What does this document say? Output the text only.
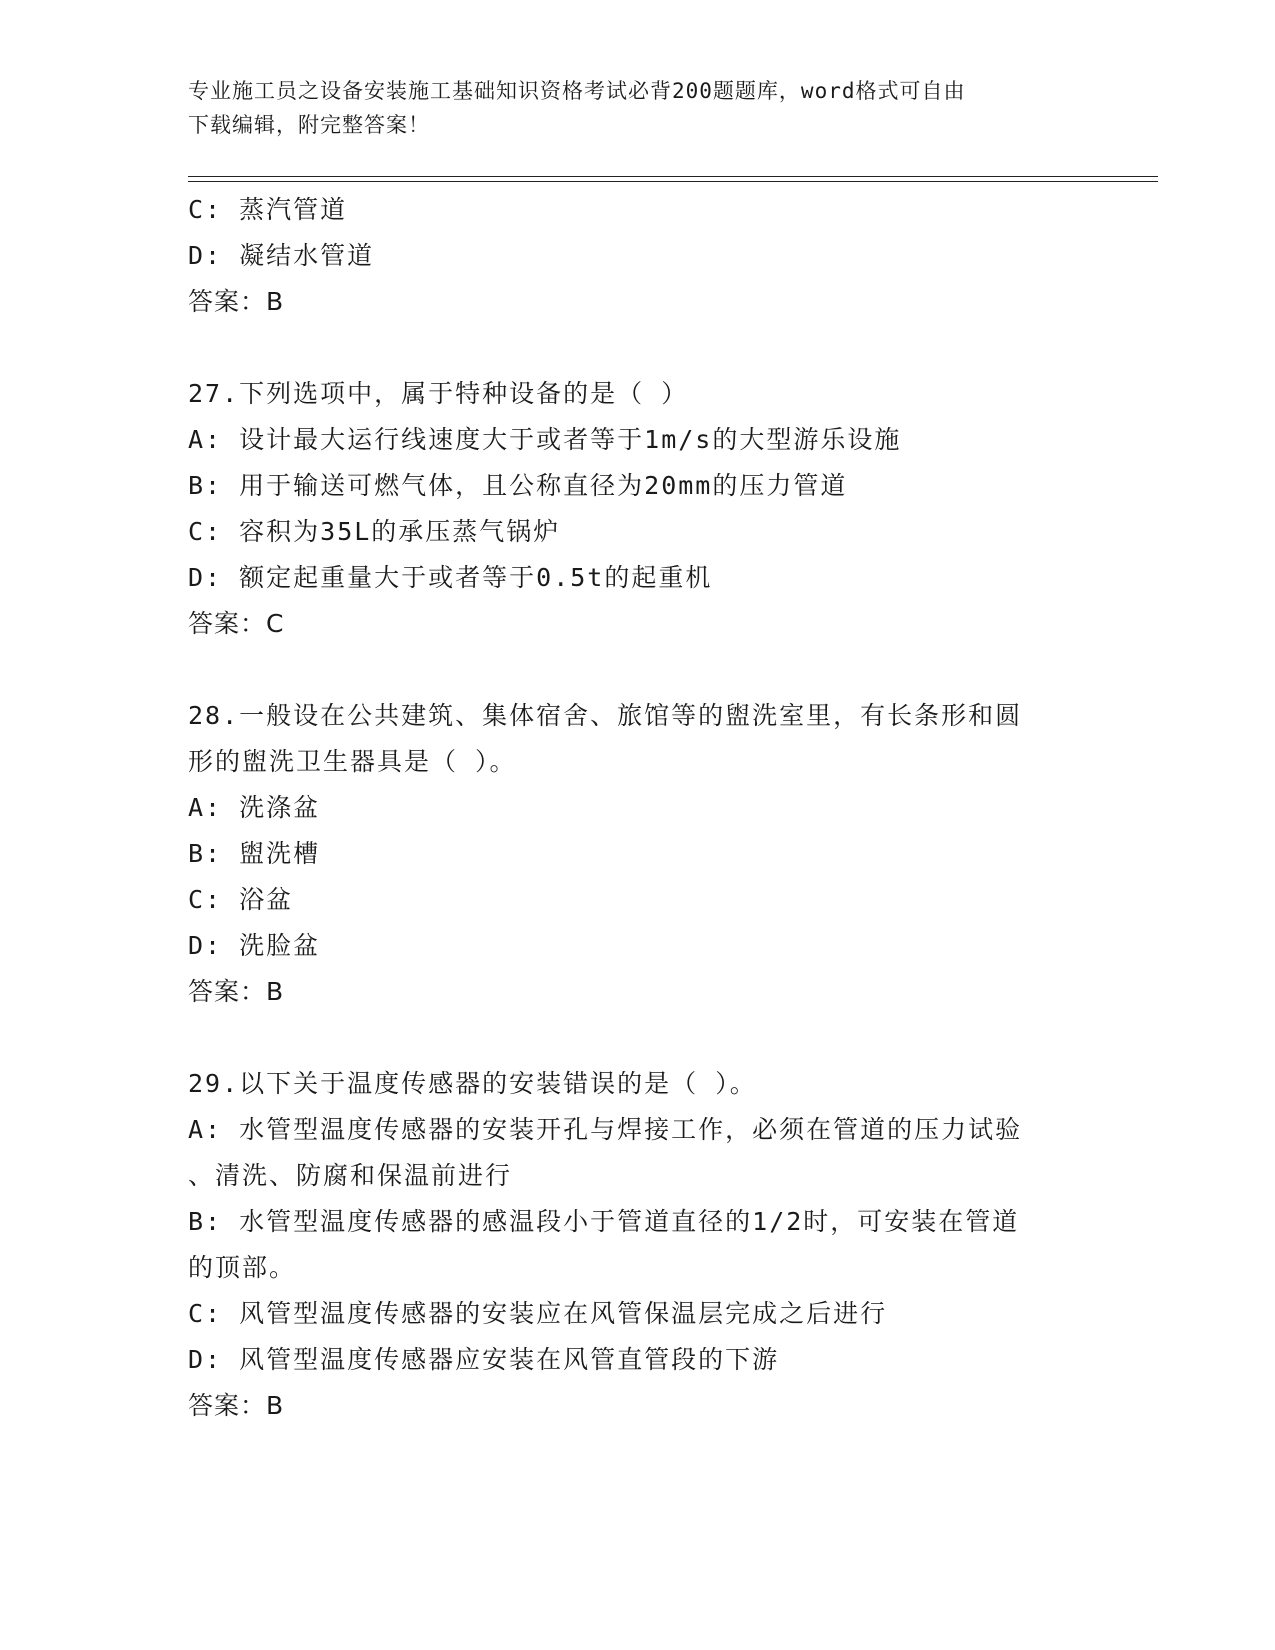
专业施工员之设备安装施工基础知识资格考试必背200题题库，word格式可自由
下载编辑，附完整答案！
C: 蒸汽管道
D: 凝结水管道
答案：B
27.下列选项中，属于特种设备的是（ ）
A: 设计最大运行线速度大于或者等于1m/s的大型游乐设施
B: 用于输送可燃气体，且公称直径为20mm的压力管道
C: 容积为35L的承压蒸气锅炉
D: 额定起重量大于或者等于0.5t的起重机
答案：C
28.一般设在公共建筑、集体宿舍、旅馆等的盥洗室里，有长条形和圆
形的盥洗卫生器具是（ ）。
A: 洗涤盆
B: 盥洗槽
C: 浴盆
D: 洗脸盆
答案：B
29.以下关于温度传感器的安装错误的是（ ）。
A: 水管型温度传感器的安装开孔与焊接工作，必须在管道的压力试验
、清洗、防腐和保温前进行
B: 水管型温度传感器的感温段小于管道直径的1/2时，可安装在管道
的顶部。
C: 风管型温度传感器的安装应在风管保温层完成之后进行
D: 风管型温度传感器应安装在风管直管段的下游
答案：B
